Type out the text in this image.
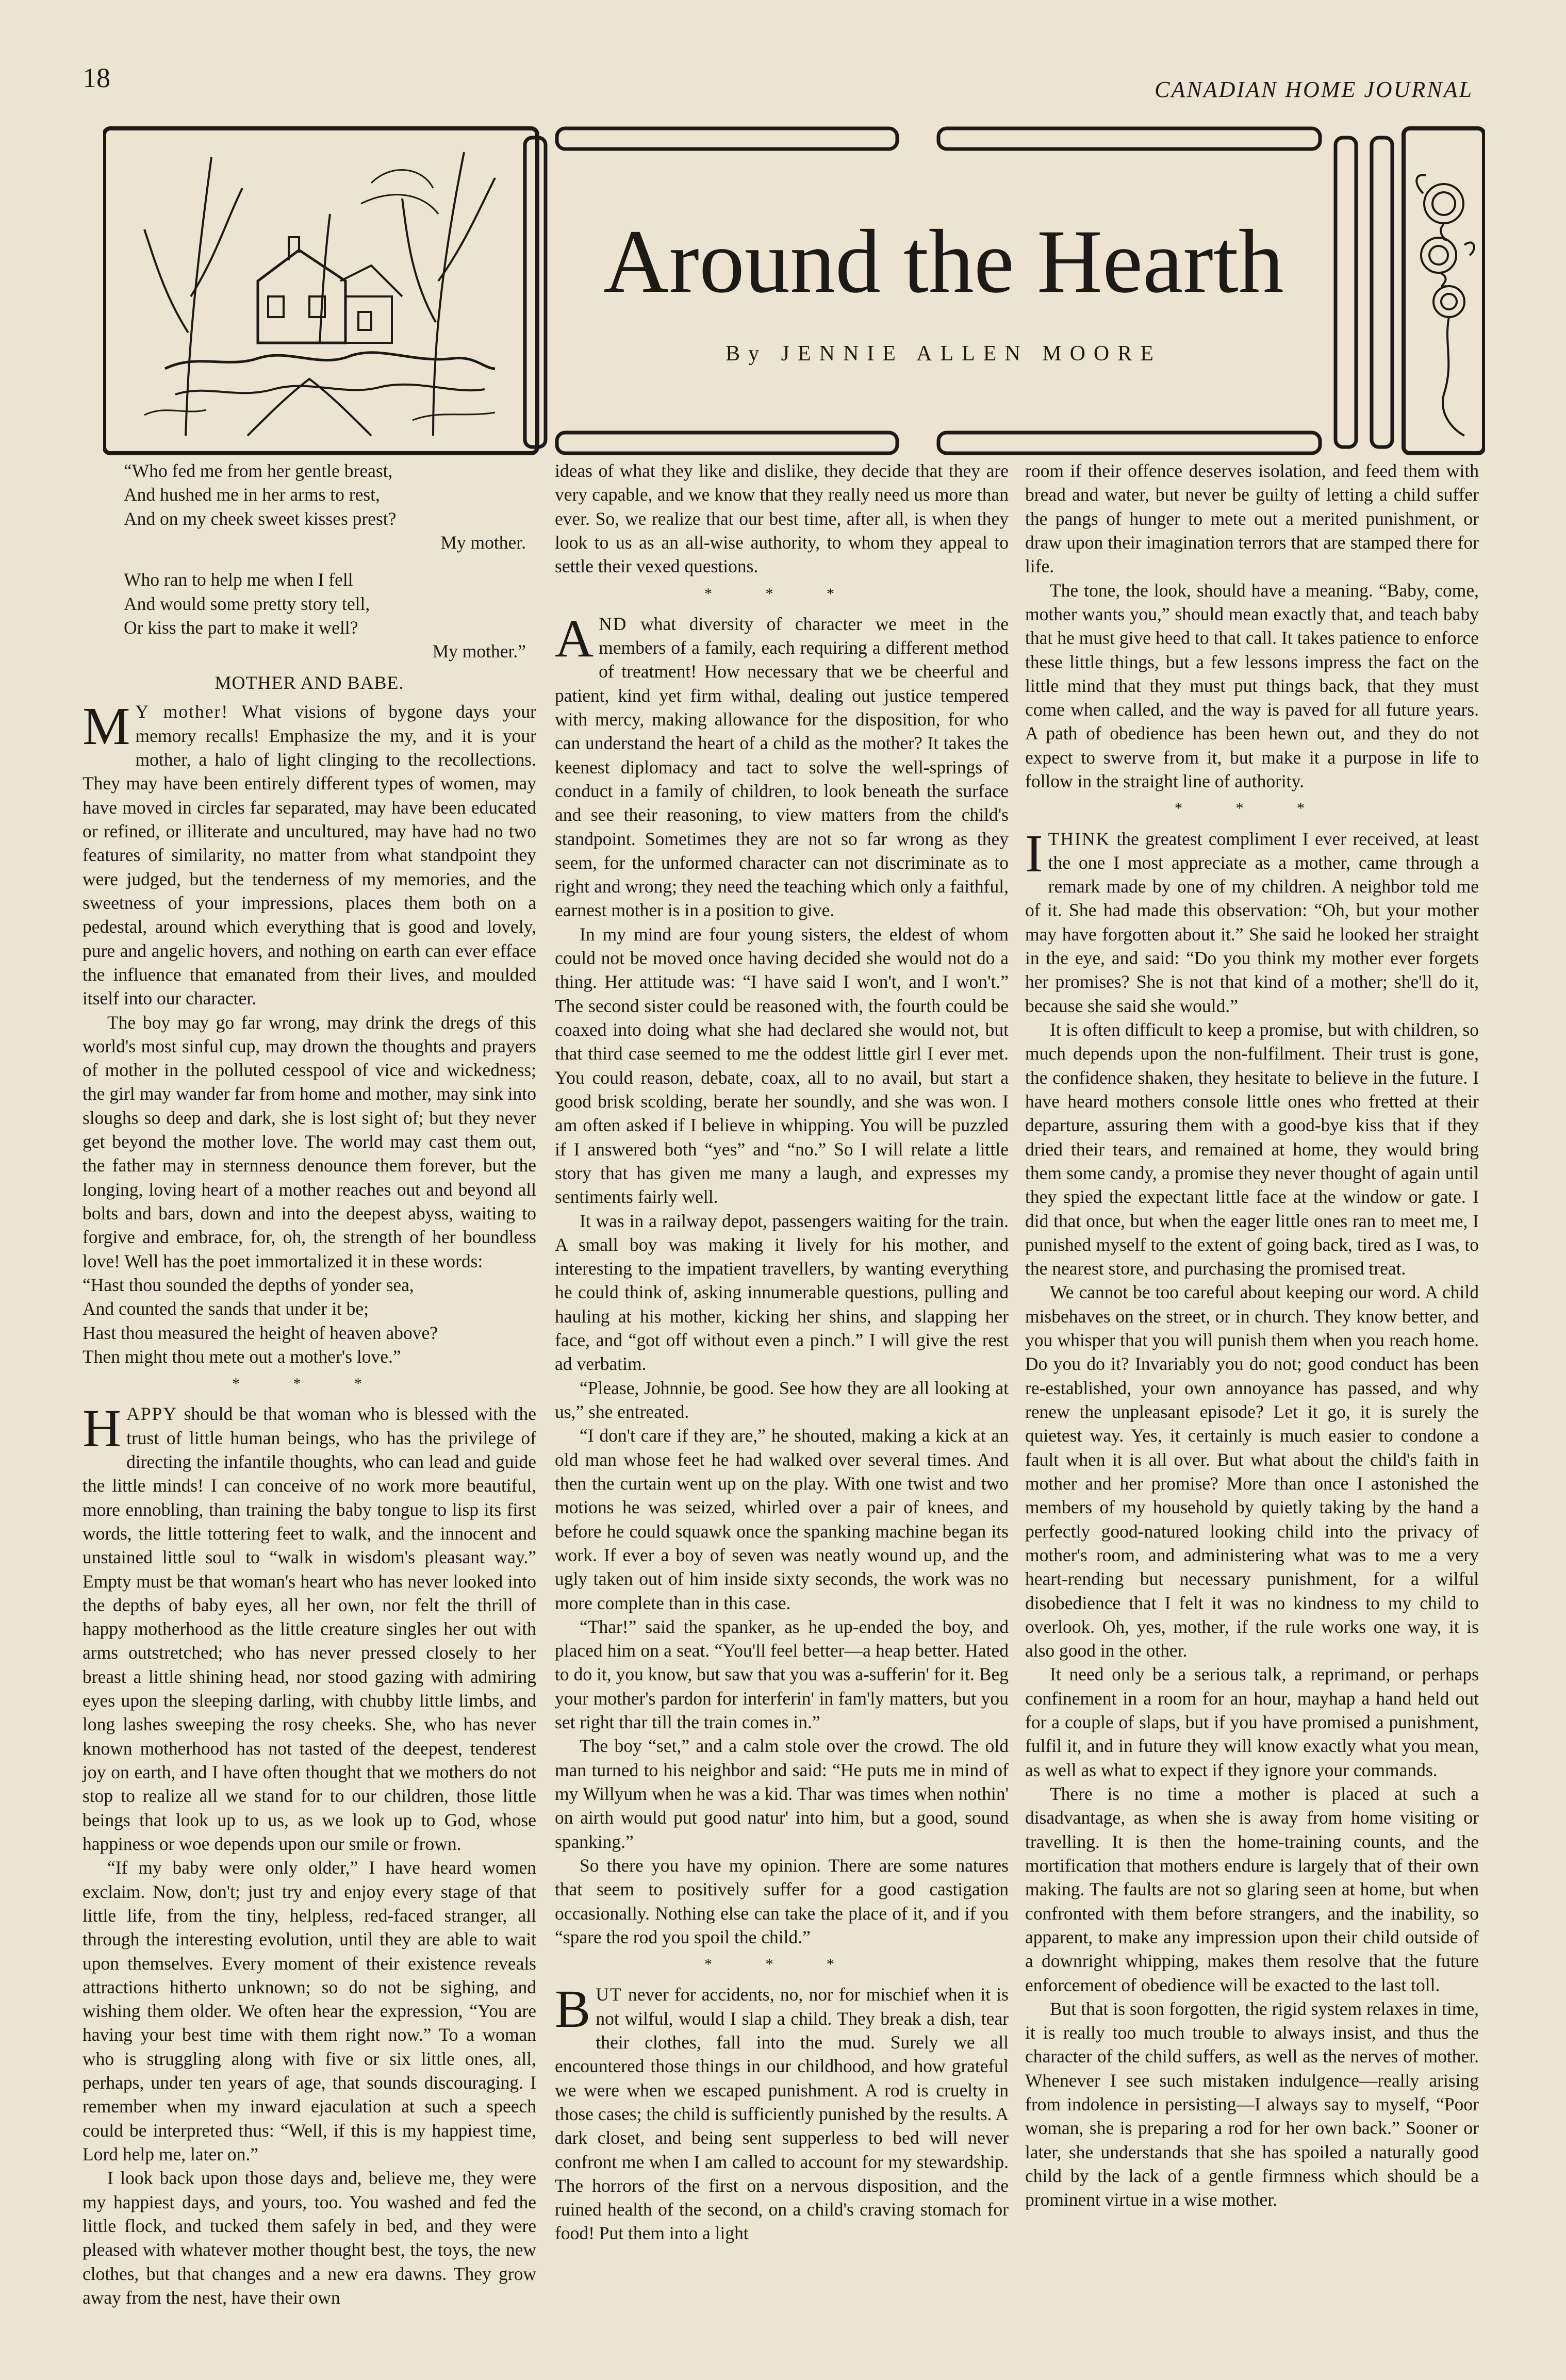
18	CANADIAN HOME JOURNAL
Around the Hearth
By JENNIE ALLEN MOORE
“Who fed me from her gentle breast,
And hushed me in her arms to rest,
And on my cheek sweet kisses prest?
My mother.
Who ran to help me when I fell
And would some pretty story tell,
Or kiss the part to make it well?
My mother.”
MOTHER AND BABE.

M Y mother! What visions of bygone days your memory recalls! Emphasize the my, and it is your mother, a halo of light clinging to the recollections. They may have been entirely different types of women, may have moved in circles far separated, may have been educated or refined, or illiterate and uncultured, may have had no two features of similarity, no matter from what standpoint they were judged, but the tenderness of my memories, and the sweetness of your impressions, places them both on a pedestal, around which everything that is good and lovely, pure and angelic hovers, and nothing on earth can ever efface the influence that emanated from their lives, and moulded itself into our character.

The boy may go far wrong, may drink the dregs of this world's most sinful cup, may drown the thoughts and prayers of mother in the polluted cesspool of vice and wickedness; the girl may wander far from home and mother, may sink into sloughs so deep and dark, she is lost sight of; but they never get beyond the mother love. The world may cast them out, the father may in sternness denounce them forever, but the longing, loving heart of a mother reaches out and beyond all bolts and bars, down and into the deepest abyss, waiting to forgive and embrace, for, oh, the strength of her boundless love! Well has the poet immortalized it in these words:

“Hast thou sounded the depths of yonder sea,
And counted the sands that under it be;
Hast thou measured the height of heaven above?
Then might thou mete out a mother's love.”
* * *

HAPPY should be that woman who is blessed with the trust of little human beings, who has the privilege of directing the infantile thoughts, who can lead and guide the little minds! I can conceive of no work more beautiful, more ennobling, than training the baby tongue to lisp its first words, the little tottering feet to walk, and the innocent and unstained little soul to “walk in wisdom's pleasant way.” Empty must be that woman's heart who has never looked into the depths of baby eyes, all her own, nor felt the thrill of happy motherhood as the little creature singles her out with arms outstretched; who has never pressed closely to her breast a little shining head, nor stood gazing with admiring eyes upon the sleeping darling, with chubby little limbs, and long lashes sweeping the rosy cheeks. She, who has never known motherhood has not tasted of the deepest, tenderest joy on earth, and I have often thought that we mothers do not stop to realize all we stand for to our children, those little beings that look up to us, as we look up to God, whose happiness or woe depends upon our smile or frown.

“If my baby were only older,” I have heard women exclaim. Now, don't; just try and enjoy every stage of that little life, from the tiny, helpless, red-faced stranger, all through the interesting evolution, until they are able to wait upon themselves. Every moment of their existence reveals attractions hitherto unknown; so do not be sighing, and wishing them older. We often hear the expression, “You are having your best time with them right now.” To a woman who is struggling along with five or six little ones, all, perhaps, under ten years of age, that sounds discouraging. I remember when my inward ejaculation at such a speech could be interpreted thus: “Well, if this is my happiest time, Lord help me, later on.”

I look back upon those days and, believe me, they were my happiest days, and yours, too. You washed and fed the little flock, and tucked them safely in bed, and they were pleased with whatever mother thought best, the toys, the new clothes, but that changes and a new era dawns. They grow away from the nest, have their own

ideas of what they like and dislike, they decide that they are very capable, and we know that they really need us more than ever. So, we realize that our best time, after all, is when they look to us as an all-wise authority, to whom they appeal to settle their vexed questions.

* * *

AND what diversity of character we meet in the members of a family, each requiring a different method of treatment! How necessary that we be cheerful and patient, kind yet firm withal, dealing out justice tempered with mercy, making allowance for the disposition, for who can understand the heart of a child as the mother? It takes the keenest diplomacy and tact to solve the well-springs of conduct in a family of children, to look beneath the surface and see their reasoning, to view matters from the child's standpoint. Sometimes they are not so far wrong as they seem, for the unformed character can not discriminate as to right and wrong; they need the teaching which only a faithful, earnest mother is in a position to give.

In my mind are four young sisters, the eldest of whom could not be moved once having decided she would not do a thing. Her attitude was: “I have said I won't, and I won't.” The second sister could be reasoned with, the fourth could be coaxed into doing what she had declared she would not, but that third case seemed to me the oddest little girl I ever met. You could reason, debate, coax, all to no avail, but start a good brisk scolding, berate her soundly, and she was won. I am often asked if I believe in whipping. You will be puzzled if I answered both “yes” and “no.” So I will relate a little story that has given me many a laugh, and expresses my sentiments fairly well.

It was in a railway depot, passengers waiting for the train. A small boy was making it lively for his mother, and interesting to the impatient travellers, by wanting everything he could think of, asking innumerable questions, pulling and hauling at his mother, kicking her shins, and slapping her face, and “got off without even a pinch.” I will give the rest ad verbatim.

“Please, Johnnie, be good. See how they are all looking at us,” she entreated.

“I don't care if they are,” he shouted, making a kick at an old man whose feet he had walked over several times. And then the curtain went up on the play. With one twist and two motions he was seized, whirled over a pair of knees, and before he could squawk once the spanking machine began its work. If ever a boy of seven was neatly wound up, and the ugly taken out of him inside sixty seconds, the work was no more complete than in this case.

“Thar!” said the spanker, as he up-ended the boy, and placed him on a seat. “You'll feel better—a heap better. Hated to do it, you know, but saw that you was a-sufferin' for it. Beg your mother's pardon for interferin' in fam'ly matters, but you set right thar till the train comes in.”

The boy “set,” and a calm stole over the crowd. The old man turned to his neighbor and said: “He puts me in mind of my Willyum when he was a kid. Thar was times when nothin' on airth would put good natur' into him, but a good, sound spanking.”

So there you have my opinion. There are some natures that seem to positively suffer for a good castigation occasionally. Nothing else can take the place of it, and if you “spare the rod you spoil the child.”

* * *

BUT never for accidents, no, nor for mischief when it is not wilful, would I slap a child. They break a dish, tear their clothes, fall into the mud. Surely we all encountered those things in our childhood, and how grateful we were when we escaped punishment. A rod is cruelty in those cases; the child is sufficiently punished by the results. A dark closet, and being sent supperless to bed will never confront me when I am called to account for my stewardship. The horrors of the first on a nervous disposition, and the ruined health of the second, on a child's craving stomach for food! Put them into a light

room if their offence deserves isolation, and feed them with bread and water, but never be guilty of letting a child suffer the pangs of hunger to mete out a merited punishment, or draw upon their imagination terrors that are stamped there for life.

The tone, the look, should have a meaning. “Baby, come, mother wants you,” should mean exactly that, and teach baby that he must give heed to that call. It takes patience to enforce these little things, but a few lessons impress the fact on the little mind that they must put things back, that they must come when called, and the way is paved for all future years. A path of obedience has been hewn out, and they do not expect to swerve from it, but make it a purpose in life to follow in the straight line of authority.

* * *

ITHINK the greatest compliment I ever received, at least the one I most appreciate as a mother, came through a remark made by one of my children. A neighbor told me of it. She had made this observation: “Oh, but your mother may have forgotten about it.” She said he looked her straight in the eye, and said: “Do you think my mother ever forgets her promises? She is not that kind of a mother; she'll do it, because she said she would.”

It is often difficult to keep a promise, but with children, so much depends upon the non-fulfilment. Their trust is gone, the confidence shaken, they hesitate to believe in the future. I have heard mothers console little ones who fretted at their departure, assuring them with a good-bye kiss that if they dried their tears, and remained at home, they would bring them some candy, a promise they never thought of again until they spied the expectant little face at the window or gate. I did that once, but when the eager little ones ran to meet me, I punished myself to the extent of going back, tired as I was, to the nearest store, and purchasing the promised treat.

We cannot be too careful about keeping our word. A child misbehaves on the street, or in church. They know better, and you whisper that you will punish them when you reach home. Do you do it? Invariably you do not; good conduct has been re-established, your own annoyance has passed, and why renew the unpleasant episode? Let it go, it is surely the quietest way. Yes, it certainly is much easier to condone a fault when it is all over. But what about the child's faith in mother and her promise? More than once I astonished the members of my household by quietly taking by the hand a perfectly good-natured looking child into the privacy of mother's room, and administering what was to me a very heart-rending but necessary punishment, for a wilful disobedience that I felt it was no kindness to my child to overlook. Oh, yes, mother, if the rule works one way, it is also good in the other.

It need only be a serious talk, a reprimand, or perhaps confinement in a room for an hour, mayhap a hand held out for a couple of slaps, but if you have promised a punishment, fulfil it, and in future they will know exactly what you mean, as well as what to expect if they ignore your commands.

There is no time a mother is placed at such a disadvantage, as when she is away from home visiting or travelling. It is then the home-training counts, and the mortification that mothers endure is largely that of their own making. The faults are not so glaring seen at home, but when confronted with them before strangers, and the inability, so apparent, to make any impression upon their child outside of a downright whipping, makes them resolve that the future enforcement of obedience will be exacted to the last toll.

But that is soon forgotten, the rigid system relaxes in time, it is really too much trouble to always insist, and thus the character of the child suffers, as well as the nerves of mother. Whenever I see such mistaken indulgence—really arising from indolence in persisting—I always say to myself, “Poor woman, she is preparing a rod for her own back.” Sooner or later, she understands that she has spoiled a naturally good child by the lack of a gentle firmness which should be a prominent virtue in a wise mother.
